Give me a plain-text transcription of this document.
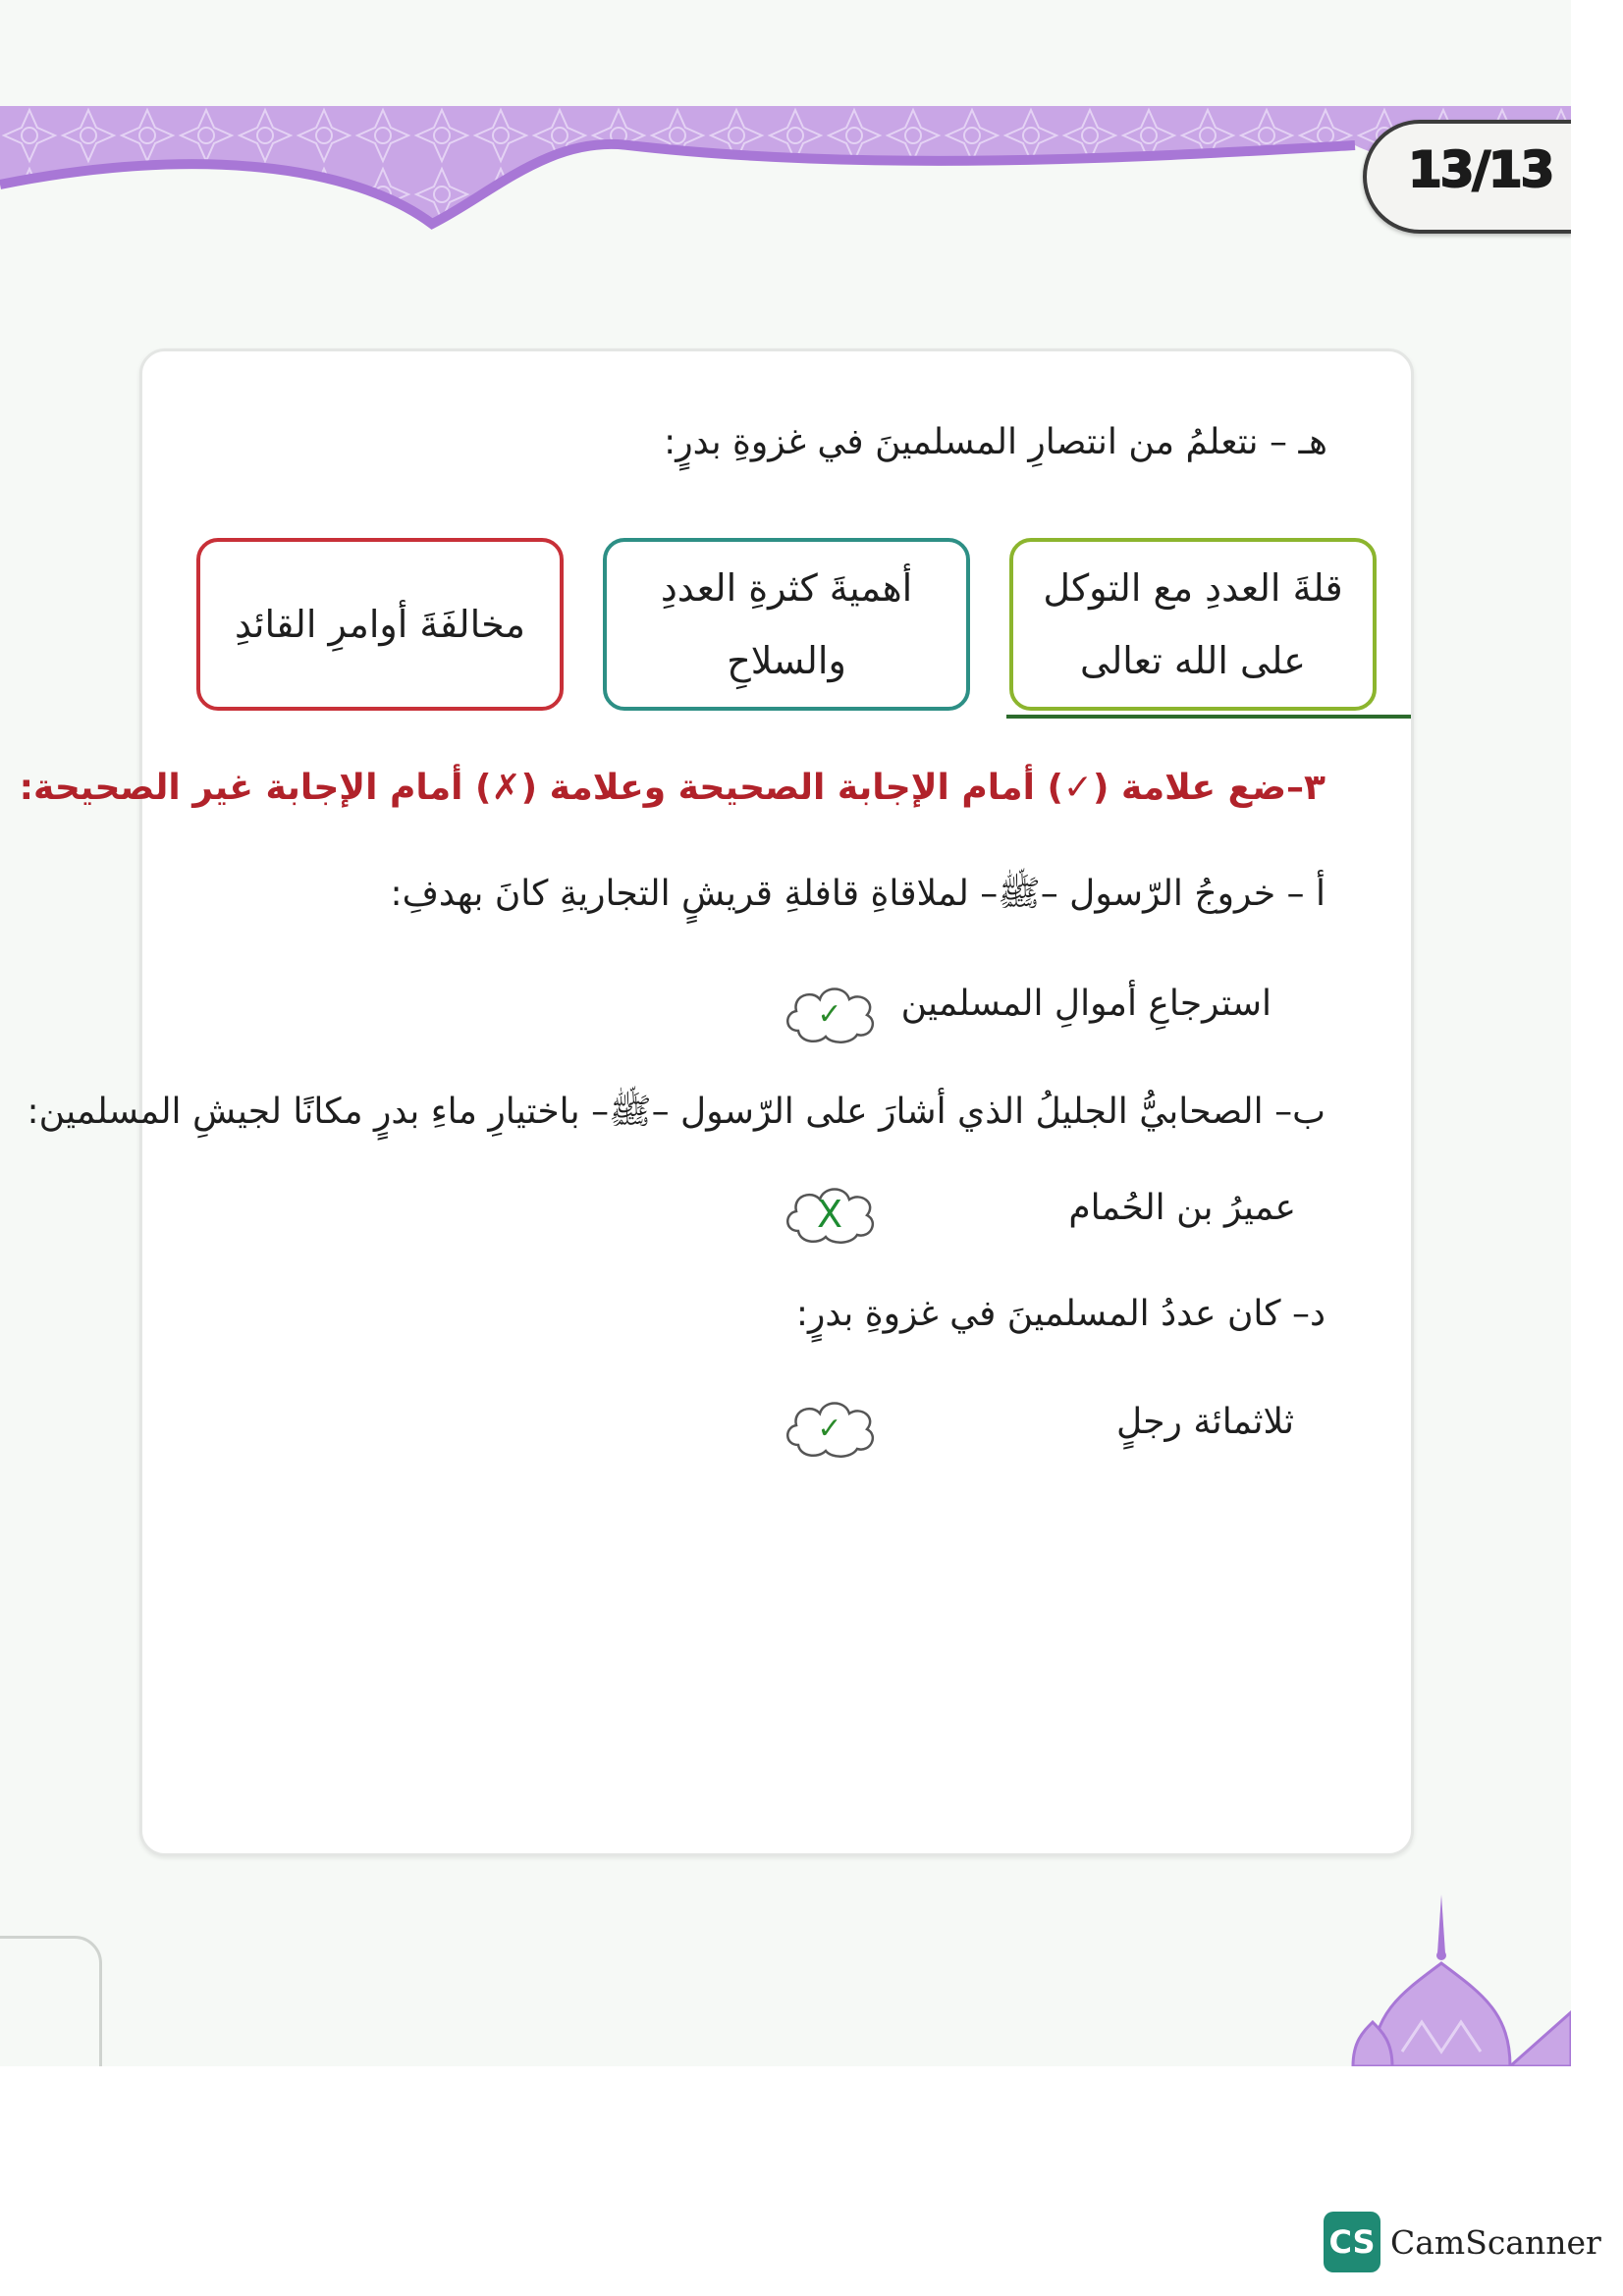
13/13
هـ – نتعلمُ من انتصارِ المسلمينَ في غزوةِ بدرٍ:
قلةَ العددِ مع التوكل
على الله تعالى
أهميةَ كثرةِ العددِ
والسلاحِ
مخالفَةَ أوامرِ القائدِ
٣–ضع علامة (✓) أمام الإجابة الصحيحة وعلامة (✗) أمام الإجابة غير الصحيحة:
أ – خروجُ الرّسول –ﷺ– لملاقاةِ قافلةِ قريشٍ التجاريةِ كانَ بهدفِ:
استرجاعِ أموالِ المسلمين
✓
ب– الصحابيُّ الجليلُ الذي أشارَ على الرّسول –ﷺ– باختيارِ ماءِ بدرٍ مكانًا لجيشِ المسلمين:
عميرُ بن الحُمام
X
د– كان عددُ المسلمينَ في غزوةِ بدرٍ:
ثلاثمائة رجلٍ
✓
CS CamScanner
